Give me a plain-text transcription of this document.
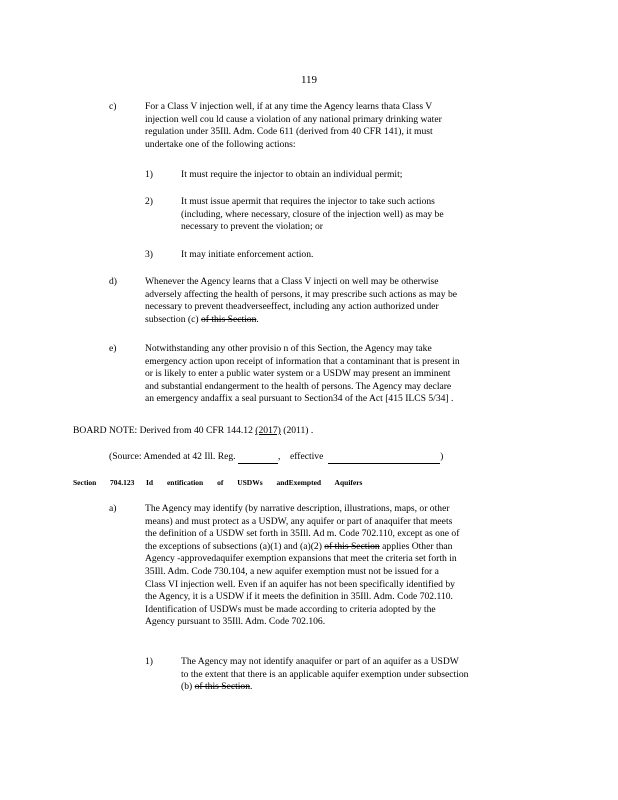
119
c)	For a Class V injection well, if at any time the Agency learns thata Class V
injection well cou ld cause a violation of any national primary drinking water
regulation under 35Ill. Adm. Code 611 (derived from 40 CFR 141), it must
undertake one of the following actions:
1)	It must require the injector to obtain an individual permit;
2)	It must issue apermit that requires the injector to take such actions
(including, where necessary, closure of the injection well) as may be
necessary to prevent the violation; or
3)	It may initiate enforcement action.
d)	Whenever the Agency learns that a Class V injecti on well may be otherwise
adversely affecting the health of persons, it may prescribe such actions as may be
necessary to prevent theadverseeffect, including any action authorized under
subsection (c) of this Section.
e)	Notwithstanding any other provisio n of this Section, the Agency may take
emergency action upon receipt of information that a contaminant that is present in
or is likely to enter a public water system or a USDW may present an imminent
and substantial endangerment to the health of persons. The Agency may declare
an emergency andaffix a seal pursuant to Section34 of the Act [415 ILCS 5/34] .
BOARD NOTE: Derived from 40 CFR 144.12 (2017) (2011) .
(Source: Amended at 42 Ill. Reg.	, effective	)
Section 704.123 Id entification of USDWs andExempted Aquifers
a)	The Agency may identify (by narrative description, illustrations, maps, or other
means) and must protect as a USDW, any aquifer or part of anaquifer that meets
the definition of a USDW set forth in 35Ill. Ad m. Code 702.110, except as one of
the exceptions of subsections (a)(1) and (a)(2) of this Section applies Other than
Agency -approvedaquifer exemption expansions that meet the criteria set forth in
35Ill. Adm. Code 730.104, a new aquifer exemption must not be issued for a
Class VI injection well. Even if an aquifer has not been specifically identified by
the Agency, it is a USDW if it meets the definition in 35Ill. Adm. Code 702.110.
Identification of USDWs must be made according to criteria adopted by the
Agency pursuant to 35Ill. Adm. Code 702.106.
1)	The Agency may not identify anaquifer or part of an aquifer as a USDW
to the extent that there is an applicable aquifer exemption under subsection
(b) of this Section.
